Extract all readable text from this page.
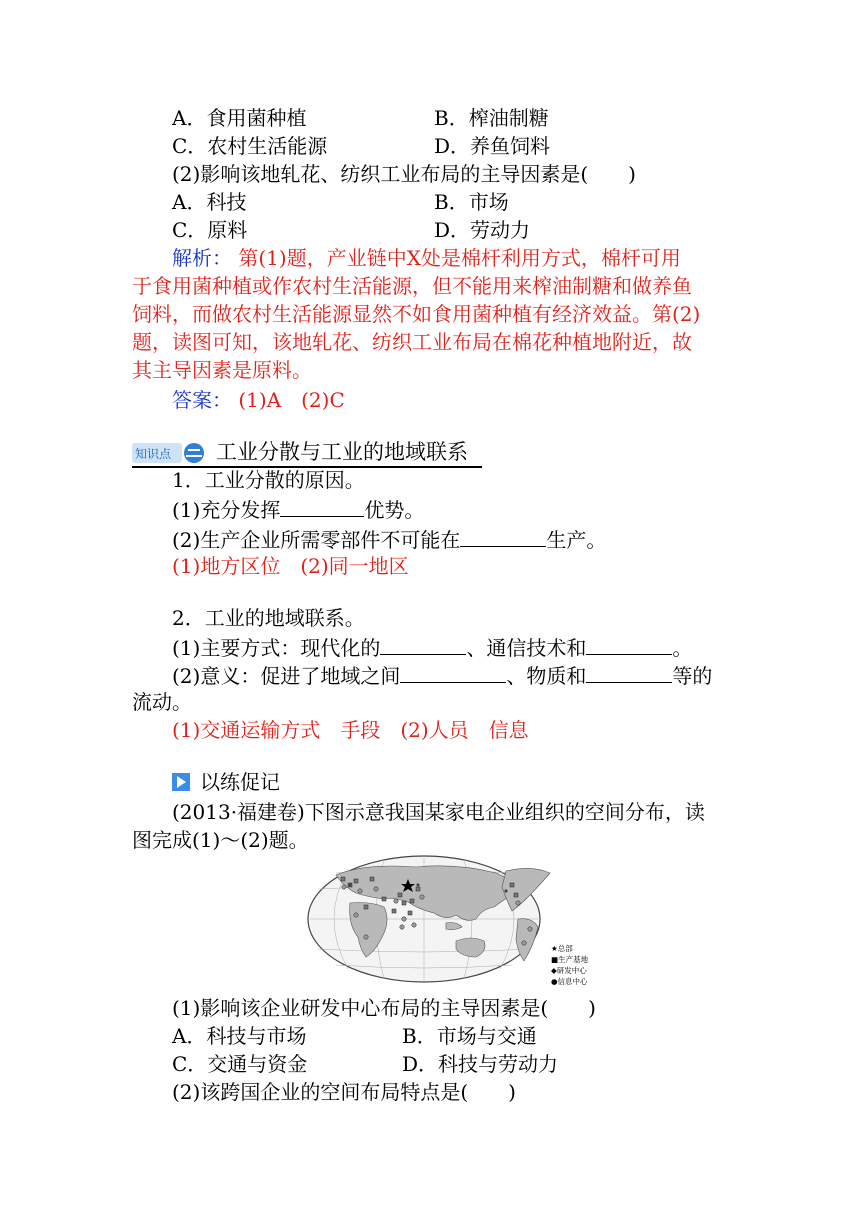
A．食用菌种植	B．榨油制糖
C．农村生活能源	D．养鱼饲料
(2)影响该地轧花、纺织工业布局的主导因素是(　　)
A．科技	B．市场
C．原料	D．劳动力
解析： 第(1)题，产业链中X处是棉杆利用方式，棉杆可用
于食用菌种植或作农村生活能源，但不能用来榨油制糖和做养鱼
饲料，而做农村生活能源显然不如食用菌种植有经济效益。第(2)
题，读图可知，该地轧花、纺织工业布局在棉花种植地附近，故
其主导因素是原料。
答案： (1)A　(2)C
知识点 工业分散与工业的地域联系
1．工业分散的原因。
(1)充分发挥	优势。
(2)生产企业所需零部件不可能在	生产。
(1)地方区位　(2)同一地区
2．工业的地域联系。
(1)主要方式：现代化的	、通信技术和	。
(2)意义：促进了地域之间	、物质和	等的
流动。
(1)交通运输方式　手段　(2)人员　信息
以练促记
(2013·福建卷)下图示意我国某家电企业组织的空间分布，读
图完成(1)～(2)题。
★总部
■生产基地
◆研发中心
●信息中心
(1)影响该企业研发中心布局的主导因素是(　　)
A．科技与市场	B．市场与交通
C．交通与资金	D．科技与劳动力
(2)该跨国企业的空间布局特点是(　　)
